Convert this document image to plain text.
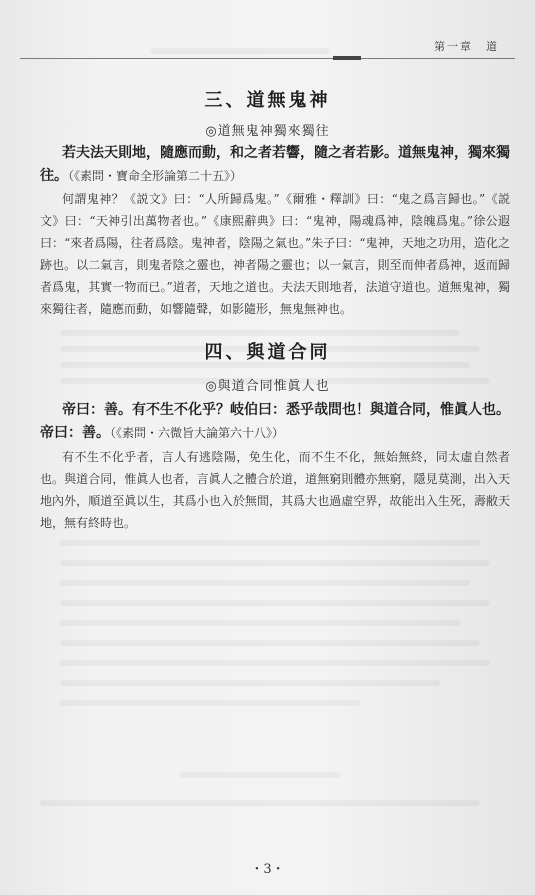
第一章　道
三、道無鬼神
◎道無鬼神獨來獨往

若夫法天則地，隨應而動，和之者若響，隨之者若影。道無鬼神，獨來獨往。（《素問・寶命全形論第二十五》）

何謂鬼神？《説文》曰：“人所歸爲鬼。”《爾雅・釋訓》曰：“鬼之爲言歸也。”《説文》曰：“天神引出萬物者也。”《康熙辭典》曰：“鬼神，陽魂爲神，陰魄爲鬼。”徐公遐曰：“來者爲陽，往者爲陰。鬼神者，陰陽之氣也。”朱子曰：“鬼神，天地之功用，造化之跡也。以二氣言，則鬼者陰之靈也，神者陽之靈也；以一氣言，則至而伸者爲神，返而歸者爲鬼，其實一物而已。”道者，天地之道也。夫法天則地者，法道守道也。道無鬼神，獨來獨往者，隨應而動，如響隨聲，如影隨形，無鬼無神也。

四、與道合同
◎與道合同惟眞人也

帝曰：善。有不生不化乎？岐伯曰：悉乎哉問也！與道合同，惟眞人也。帝曰：善。（《素問・六微旨大論第六十八》）

有不生不化乎者，言人有逃陰陽，免生化，而不生不化，無始無終，同太虛自然者也。與道合同，惟眞人也者，言眞人之體合於道，道無窮則體亦無窮，隱見莫測，出入天地內外，順道至眞以生，其爲小也入於無間，其爲大也過虛空界，故能出入生死，壽敝天地，無有終時也。

・3・
